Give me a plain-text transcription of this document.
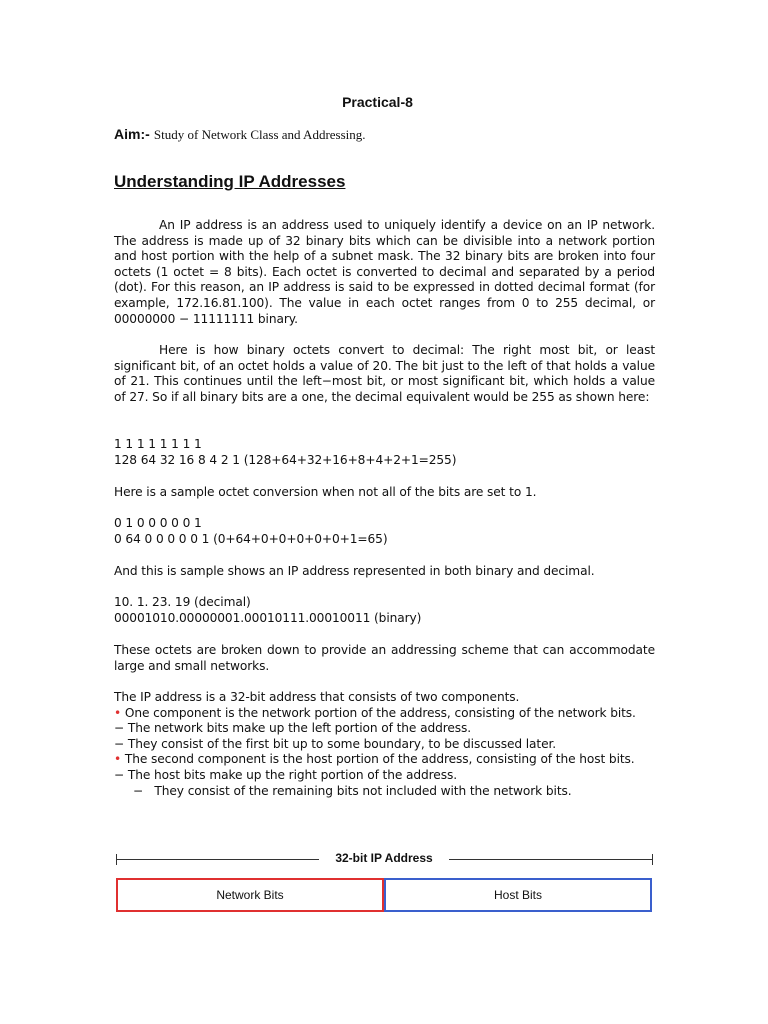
Practical-8
Aim:- Study of Network Class and Addressing.
Understanding IP Addresses
An IP address is an address used to uniquely identify a device on an IP network. The address is made up of 32 binary bits which can be divisible into a network portion and host portion with the help of a subnet mask. The 32 binary bits are broken into four octets (1 octet = 8 bits). Each octet is converted to decimal and separated by a period (dot). For this reason, an IP address is said to be expressed in dotted decimal format (for example, 172.16.81.100). The value in each octet ranges from 0 to 255 decimal, or 00000000 − 11111111 binary.
Here is how binary octets convert to decimal: The right most bit, or least significant bit, of an octet holds a value of 20. The bit just to the left of that holds a value of 21. This continues until the left−most bit, or most significant bit, which holds a value of 27. So if all binary bits are a one, the decimal equivalent would be 255 as shown here:
1 1 1 1 1 1 1 1
128 64 32 16 8 4 2 1 (128+64+32+16+8+4+2+1=255)
Here is a sample octet conversion when not all of the bits are set to 1.
0 1 0 0 0 0 0 1
0 64 0 0 0 0 0 1 (0+64+0+0+0+0+0+1=65)
And this is sample shows an IP address represented in both binary and decimal.
10. 1. 23. 19 (decimal)
00001010.00000001.00010111.00010011 (binary)
These octets are broken down to provide an addressing scheme that can accommodate large and small networks.
The IP address is a 32-bit address that consists of two components.
• One component is the network portion of the address, consisting of the network bits.
− The network bits make up the left portion of the address.
− They consist of the first bit up to some boundary, to be discussed later.
• The second component is the host portion of the address, consisting of the host bits.
− The host bits make up the right portion of the address.
−   They consist of the remaining bits not included with the network bits.
32-bit IP Address
Network Bits	Host Bits
